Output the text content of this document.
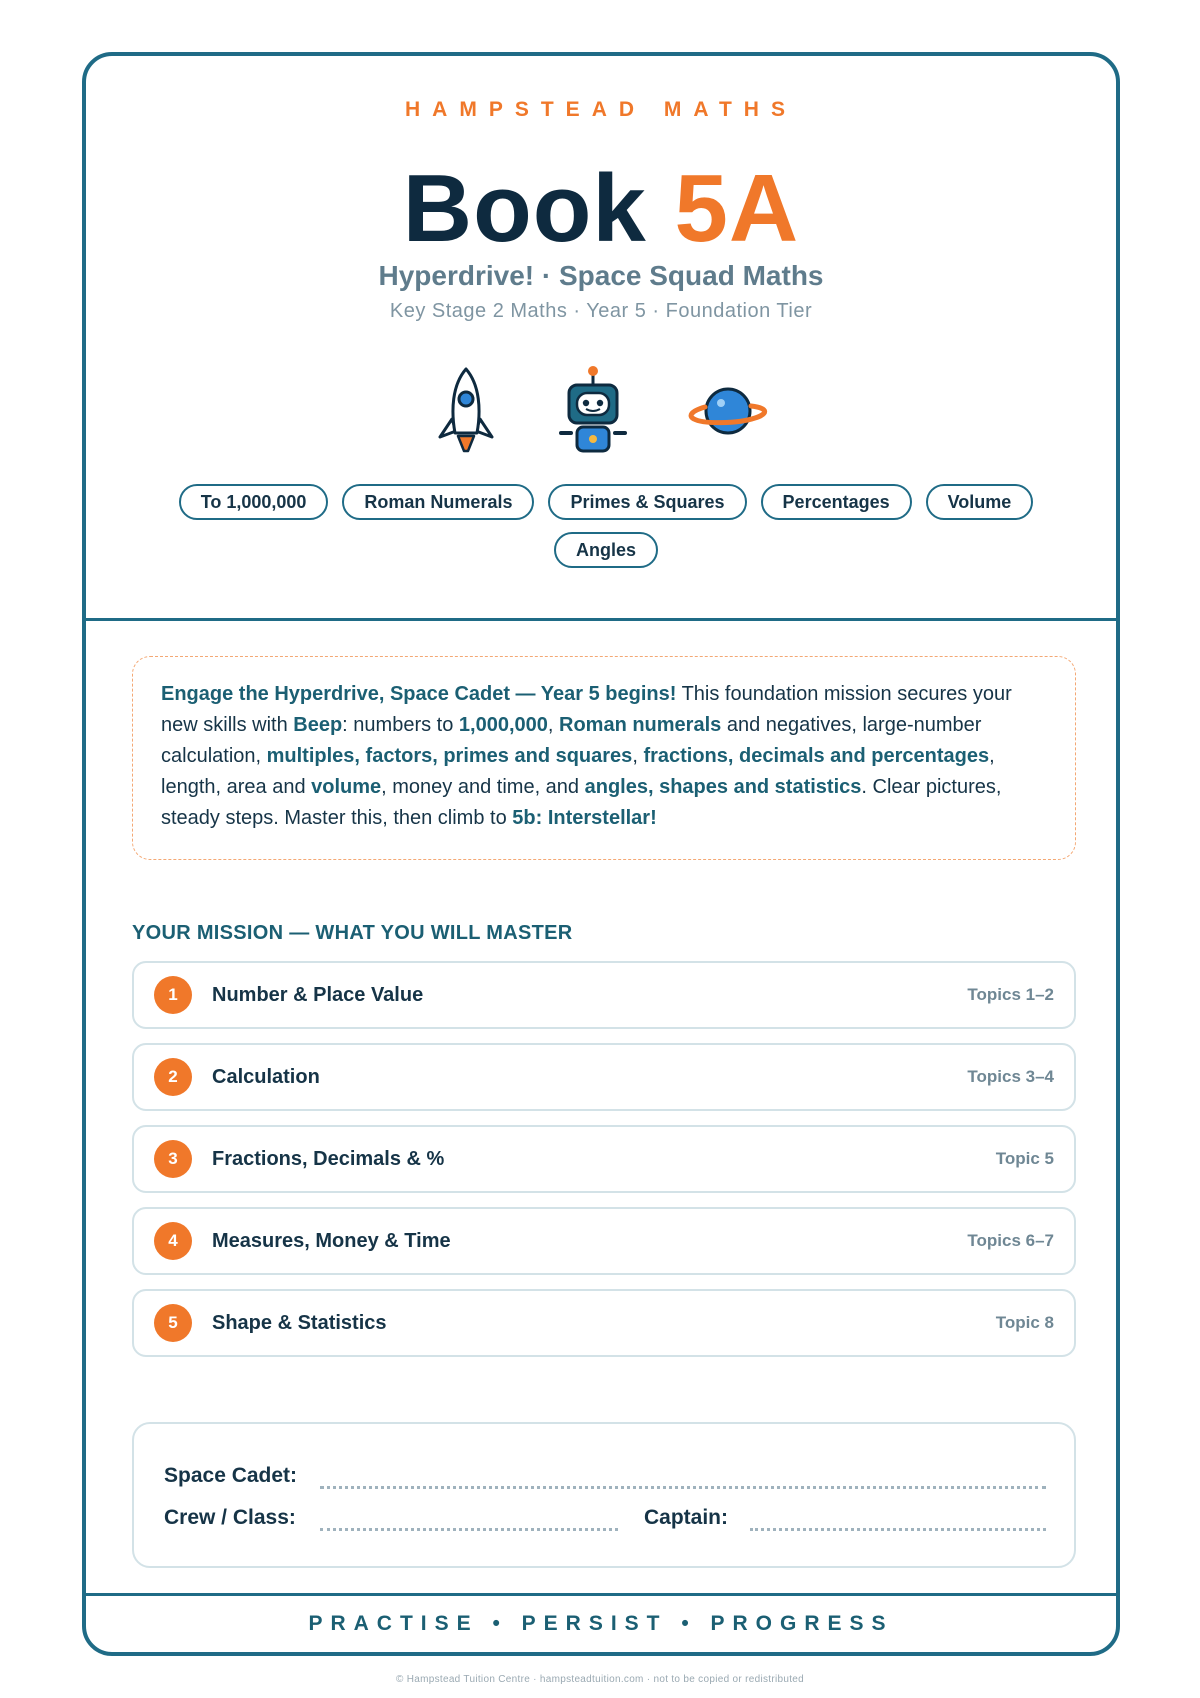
HAMPSTEAD MATHS
Book 5A
Hyperdrive! · Space Squad Maths
Key Stage 2 Maths · Year 5 · Foundation Tier
To 1,000,000	Roman Numerals	Primes & Squares	Percentages	Volume
Angles
Engage the Hyperdrive, Space Cadet — Year 5 begins! This foundation mission secures your new skills with Beep: numbers to 1,000,000, Roman numerals and negatives, large-number calculation, multiples, factors, primes and squares, fractions, decimals and percentages, length, area and volume, money and time, and angles, shapes and statistics. Clear pictures, steady steps. Master this, then climb to 5b: Interstellar!
YOUR MISSION — WHAT YOU WILL MASTER
1	Number & Place Value	Topics 1–2
2	Calculation	Topics 3–4
3	Fractions, Decimals & %	Topic 5
4	Measures, Money & Time	Topics 6–7
5	Shape & Statistics	Topic 8
Space Cadet:
Crew / Class:	Captain:
PRACTISE • PERSIST • PROGRESS
© Hampstead Tuition Centre · hampsteadtuition.com · not to be copied or redistributed
